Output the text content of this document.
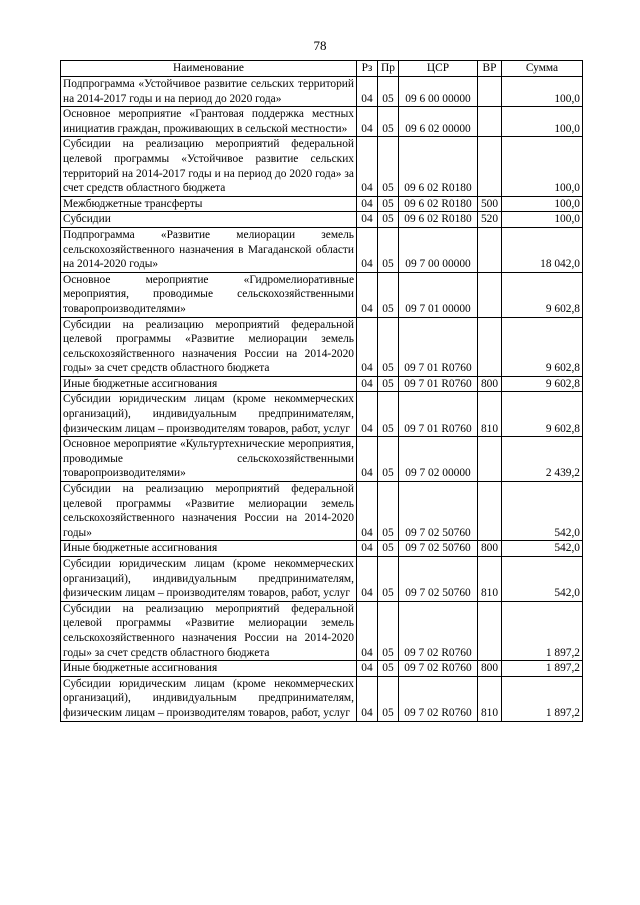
78
Наименование	Рз	Пр	ЦСР	ВР	Сумма
Подпрограмма «Устойчивое развитие сельских территорий на 2014-2017 годы и на период до 2020 года»	04	05	09 6 00 00000		100,0
Основное мероприятие «Грантовая поддержка местных инициатив граждан, проживающих в сельской местности»	04	05	09 6 02 00000		100,0
Субсидии на реализацию мероприятий федеральной целевой программы «Устойчивое развитие сельских территорий на 2014-2017 годы и на период до 2020 года» за счет средств областного бюджета	04	05	09 6 02 R0180		100,0
Межбюджетные трансферты	04	05	09 6 02 R0180	500	100,0
Субсидии	04	05	09 6 02 R0180	520	100,0
Подпрограмма «Развитие мелиорации земель сельскохозяйственного назначения в Магаданской области на 2014-2020 годы»	04	05	09 7 00 00000		18 042,0
Основное мероприятие «Гидромелиоративные мероприятия, проводимые сельскохозяйственными товаропроизводителями»	04	05	09 7 01 00000		9 602,8
Субсидии на реализацию мероприятий федеральной целевой программы «Развитие мелиорации земель сельскохозяйственного назначения России на 2014-2020 годы» за счет средств областного бюджета	04	05	09 7 01 R0760		9 602,8
Иные бюджетные ассигнования	04	05	09 7 01 R0760	800	9 602,8
Субсидии юридическим лицам (кроме некоммерческих организаций), индивидуальным предпринимателям, физическим лицам – производителям товаров, работ, услуг	04	05	09 7 01 R0760	810	9 602,8
Основное мероприятие «Культуртехнические мероприятия, проводимые сельскохозяйственными товаропроизводителями»	04	05	09 7 02 00000		2 439,2
Субсидии на реализацию мероприятий федеральной целевой программы «Развитие мелиорации земель сельскохозяйственного назначения России на 2014-2020 годы»	04	05	09 7 02 50760		542,0
Иные бюджетные ассигнования	04	05	09 7 02 50760	800	542,0
Субсидии юридическим лицам (кроме некоммерческих организаций), индивидуальным предпринимателям, физическим лицам – производителям товаров, работ, услуг	04	05	09 7 02 50760	810	542,0
Субсидии на реализацию мероприятий федеральной целевой программы «Развитие мелиорации земель сельскохозяйственного назначения России на 2014-2020 годы» за счет средств областного бюджета	04	05	09 7 02 R0760		1 897,2
Иные бюджетные ассигнования	04	05	09 7 02 R0760	800	1 897,2
Субсидии юридическим лицам (кроме некоммерческих организаций), индивидуальным предпринимателям, физическим лицам – производителям товаров, работ, услуг	04	05	09 7 02 R0760	810	1 897,2
